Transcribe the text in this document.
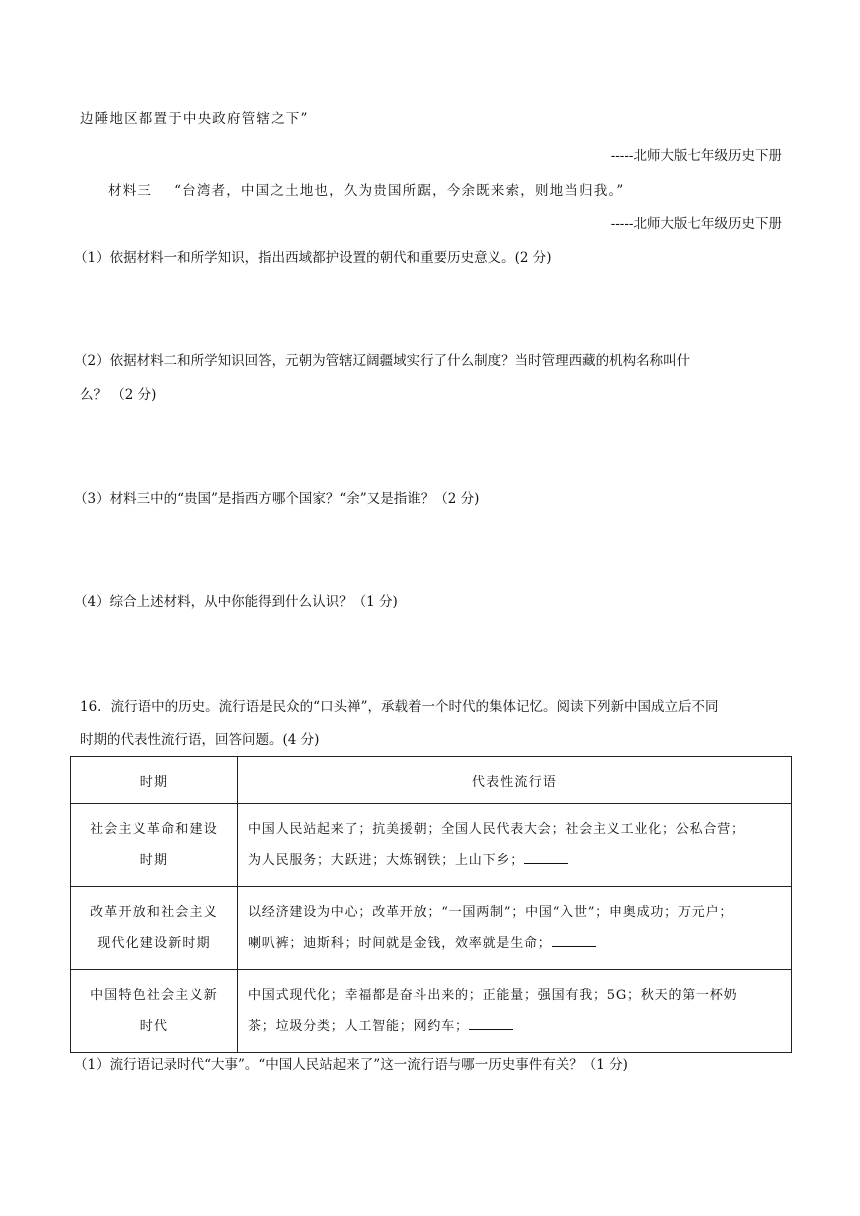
边陲地区都置于中央政府管辖之下”
-----北师大版七年级历史下册
材料三 “台湾者，中国之土地也，久为贵国所踞，今余既来索，则地当归我。”
-----北师大版七年级历史下册
（1）依据材料一和所学知识，指出西域都护设置的朝代和重要历史意义。(2 分)
（2）依据材料二和所学知识回答，元朝为管辖辽阔疆域实行了什么制度？当时管理西藏的机构名称叫什
么？ （2 分)
（3）材料三中的“贵国”是指西方哪个国家？“余”又是指谁？（2 分)
（4）综合上述材料，从中你能得到什么认识？（1 分)
16．流行语中的历史。流行语是民众的“口头禅”，承载着一个时代的集体记忆。阅读下列新中国成立后不同
时期的代表性流行语，回答问题。(4 分)
时期	代表性流行语
社会主义革命和建设
时期	中国人民站起来了；抗美援朝；全国人民代表大会；社会主义工业化；公私合营；
为人民服务；大跃进；大炼钢铁；上山下乡；
改革开放和社会主义
现代化建设新时期	以经济建设为中心；改革开放；“一国两制”；中国“入世”；申奥成功；万元户；
喇叭裤；迪斯科；时间就是金钱，效率就是生命；
中国特色社会主义新
时代	中国式现代化；幸福都是奋斗出来的；正能量；强国有我；5G；秋天的第一杯奶
茶；垃圾分类；人工智能；网约车；
（1）流行语记录时代“大事”。“中国人民站起来了”这一流行语与哪一历史事件有关？（1 分)
